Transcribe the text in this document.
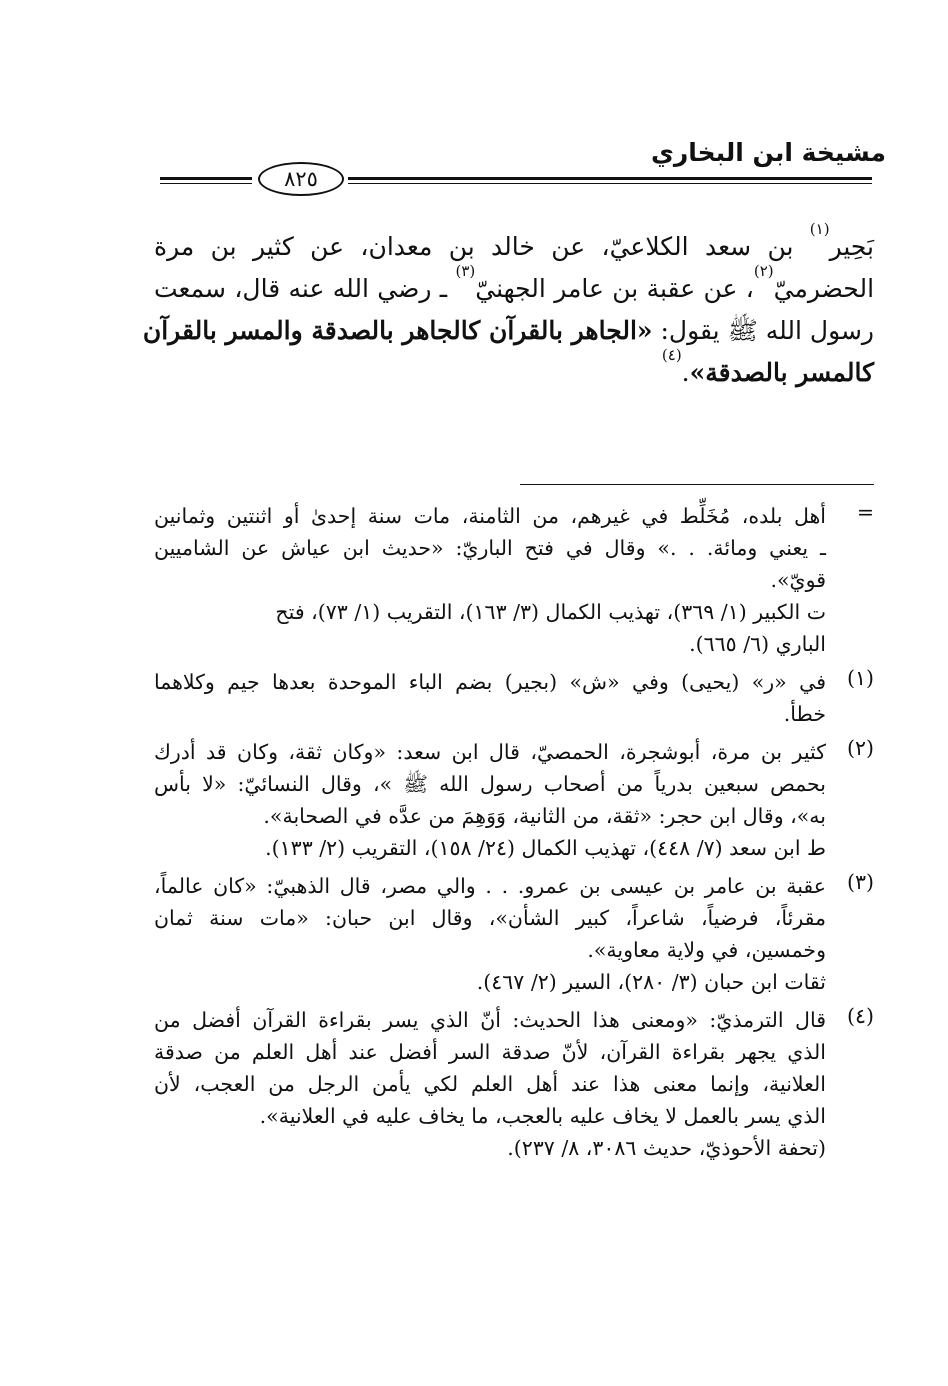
مشيخة ابن البخاري
٨٢٥
بَحِير$^{(١)}$ بن سعد الكلاعيّ، عن خالد بن معدان، عن كثير بن مرة
الحضرميّ$^{(٢)}$، عن عقبة بن عامر الجهنيّ$^{(٣)}$ ـ رضي الله عنه قال، سمعت
رسول الله ﷺ يقول: «الجاهر بالقرآن كالجاهر بالصدقة والمسر بالقرآن
كالمسر بالصدقة».$^{(٤)}$
=
أهل بلده، مُخَلِّط في غيرهم، من الثامنة، مات سنة إحدىٰ أو اثنتين وثمانين
ـ يعني ومائة. . .» وقال في فتح الباريّ: «حديث ابن عياش عن الشاميين
قويّ».
ت الكبير (١/ ٣٦٩)، تهذيب الكمال (٣/ ١٦٣)، التقريب (١/ ٧٣)، فتح
الباري (٦/ ٦٦٥).
(١)
في «ر» (يحيى) وفي «ش» (بجير) بضم الباء الموحدة بعدها جيم وكلاهما
خطأ.
(٢)
كثير بن مرة، أبوشجرة، الحمصيّ، قال ابن سعد: «وكان ثقة، وكان قد أدرك
بحمص سبعين بدرياً من أصحاب رسول الله ﷺ »، وقال النسائيّ: «لا بأس
به»، وقال ابن حجر: «ثقة، من الثانية، وَوَهِمَ من عدَّه في الصحابة».
ط ابن سعد (٧/ ٤٤٨)، تهذيب الكمال (٢٤/ ١٥٨)، التقريب (٢/ ١٣٣).
(٣)
عقبة بن عامر بن عيسى بن عمرو. . . والي مصر، قال الذهبيّ: «كان عالماً،
مقرئاً، فرضياً، شاعراً، كبير الشأن»، وقال ابن حبان: «مات سنة ثمان
وخمسين، في ولاية معاوية».
ثقات ابن حبان (٣/ ٢٨٠)، السير (٢/ ٤٦٧).
(٤)
قال الترمذيّ: «ومعنى هذا الحديث: أنّ الذي يسر بقراءة القرآن أفضل من
الذي يجهر بقراءة القرآن، لأنّ صدقة السر أفضل عند أهل العلم من صدقة
العلانية، وإنما معنى هذا عند أهل العلم لكي يأمن الرجل من العجب، لأن
الذي يسر بالعمل لا يخاف عليه بالعجب، ما يخاف عليه في العلانية».
(تحفة الأحوذيّ، حديث ٣٠٨٦، ٨/ ٢٣٧).
